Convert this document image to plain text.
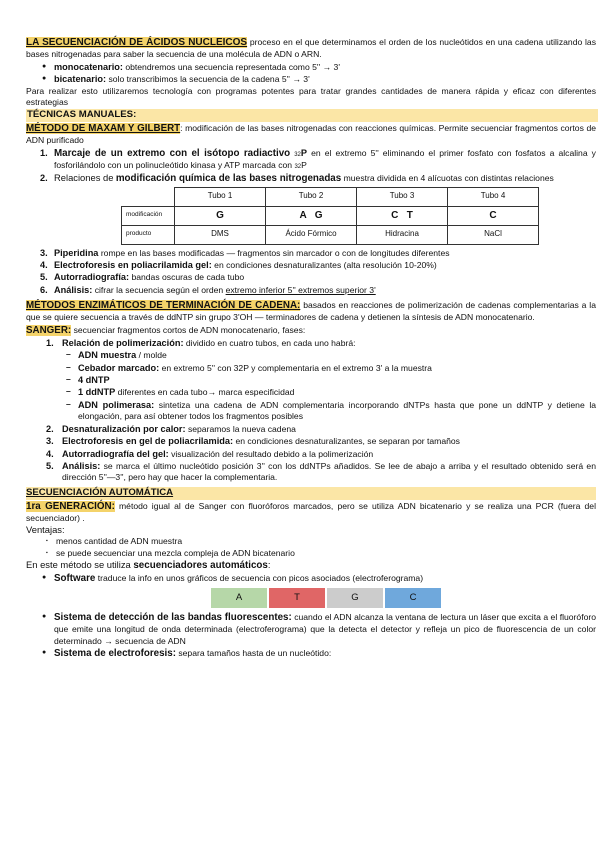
LA SECUENCIACIÓN DE ÁCIDOS NUCLEICOS proceso en el que determinamos el orden de los nucleótidos en una cadena utilizando las bases nitrogenadas para saber la secuencia de una molécula de ADN o ARN.

● monocatenario: obtendremos una secuencia representada como 5'' → 3'
● bicatenario: solo transcribimos la secuencia de la cadena 5'' → 3'

Para realizar esto utilizaremos tecnología con programas potentes para tratar grandes cantidades de manera rápida y eficaz con diferentes estrategias

TÉCNICAS MANUALES:

MÉTODO DE MAXAM Y GILBERT: modificación de las bases nitrogenadas con reacciones químicas. Permite secuenciar fragmentos cortos de ADN purificado

1. Marcaje de un extremo con el isótopo radiactivo 32P en el extremo 5'' eliminando el primer fosfato con fosfatos a alcalina y fosforilándolo con un polinucleótido kinasa y ATP marcada con 32P
2. Relaciones de modificación química de las bases nitrogenadas muestra dividida en 4 alícuotas con distintas relaciones
	Tubo 1	Tubo 2	Tubo 3	Tubo 4
modificación	G	A   G	C   T	C
producto	DMS	Ácido Fórmico	Hidracina	NaCl
3. Piperidina rompe en las bases modificadas — fragmentos sin marcador o con de longitudes diferentes
4. Electroforesis en poliacrilamida gel: en condiciones desnaturalizantes (alta resolución 10-20%)
5. Autorradiografía: bandas oscuras de cada tubo
6. Análisis: cifrar la secuencia según el orden extremo inferior 5'' extremos superior 3'

MÉTODOS ENZIMÁTICOS DE TERMINACIÓN DE CADENA: basados en reacciones de polimerización de cadenas complementarias a la que se quiere secuencia a través de ddNTP sin grupo 3'OH — terminadores de cadena y detienen la síntesis de ADN monocatenario.

SANGER: secuenciar fragmentos cortos de ADN monocatenario, fases:

1. Relación de polimerización: dividido en cuatro tubos, en cada uno habrá:
– ADN muestra / molde
– Cebador marcado: en extremo 5'' con 32P y complementaria en el extremo 3' a la muestra
– 4 dNTP
– 1 ddNTP diferentes en cada tubo→ marca especificidad
– ADN polimerasa: sintetiza una cadena de ADN complementaria incorporando dNTPs hasta que pone un ddNTP y detiene la elongación, para así obtener todos los fragmentos posibles
2. Desnaturalización por calor: separamos la nueva cadena
3. Electroforesis en gel de poliacrilamida: en condiciones desnaturalizantes, se separan por tamaños
4. Autorradiografía del gel: visualización del resultado debido a la polimerización
5. Análisis: se marca el último nucleótido posición 3'' con los ddNTPs añadidos. Se lee de abajo a arriba y el resultado obtenido será en dirección 5''—3'', pero hay que hacer la complementaria.
SECUENCIACIÓN AUTOMÁTICA

1ra GENERACIÓN: método igual al de Sanger con fluoróforos marcados, pero se utiliza ADN bicatenario y se realiza una PCR (fuera del secuenciador) .

Ventajas:

▪ menos cantidad de ADN muestra
▪ se puede secuenciar una mezcla compleja de ADN bicatenario

En este método se utiliza secuenciadores automáticos:

● Software traduce la info en unos gráficos de secuencia con picos asociados (electroferograma)
A	T	G	C
● Sistema de detección de las bandas fluorescentes: cuando el ADN alcanza la ventana de lectura un láser que excita a el fluoróforo que emite una longitud de onda determinada (electroferograma) que la detecta el detector y refleja un pico de fluorescencia de un color determinado → secuencia de ADN
● Sistema de electroforesis: separa tamaños hasta de un nucleótido:
